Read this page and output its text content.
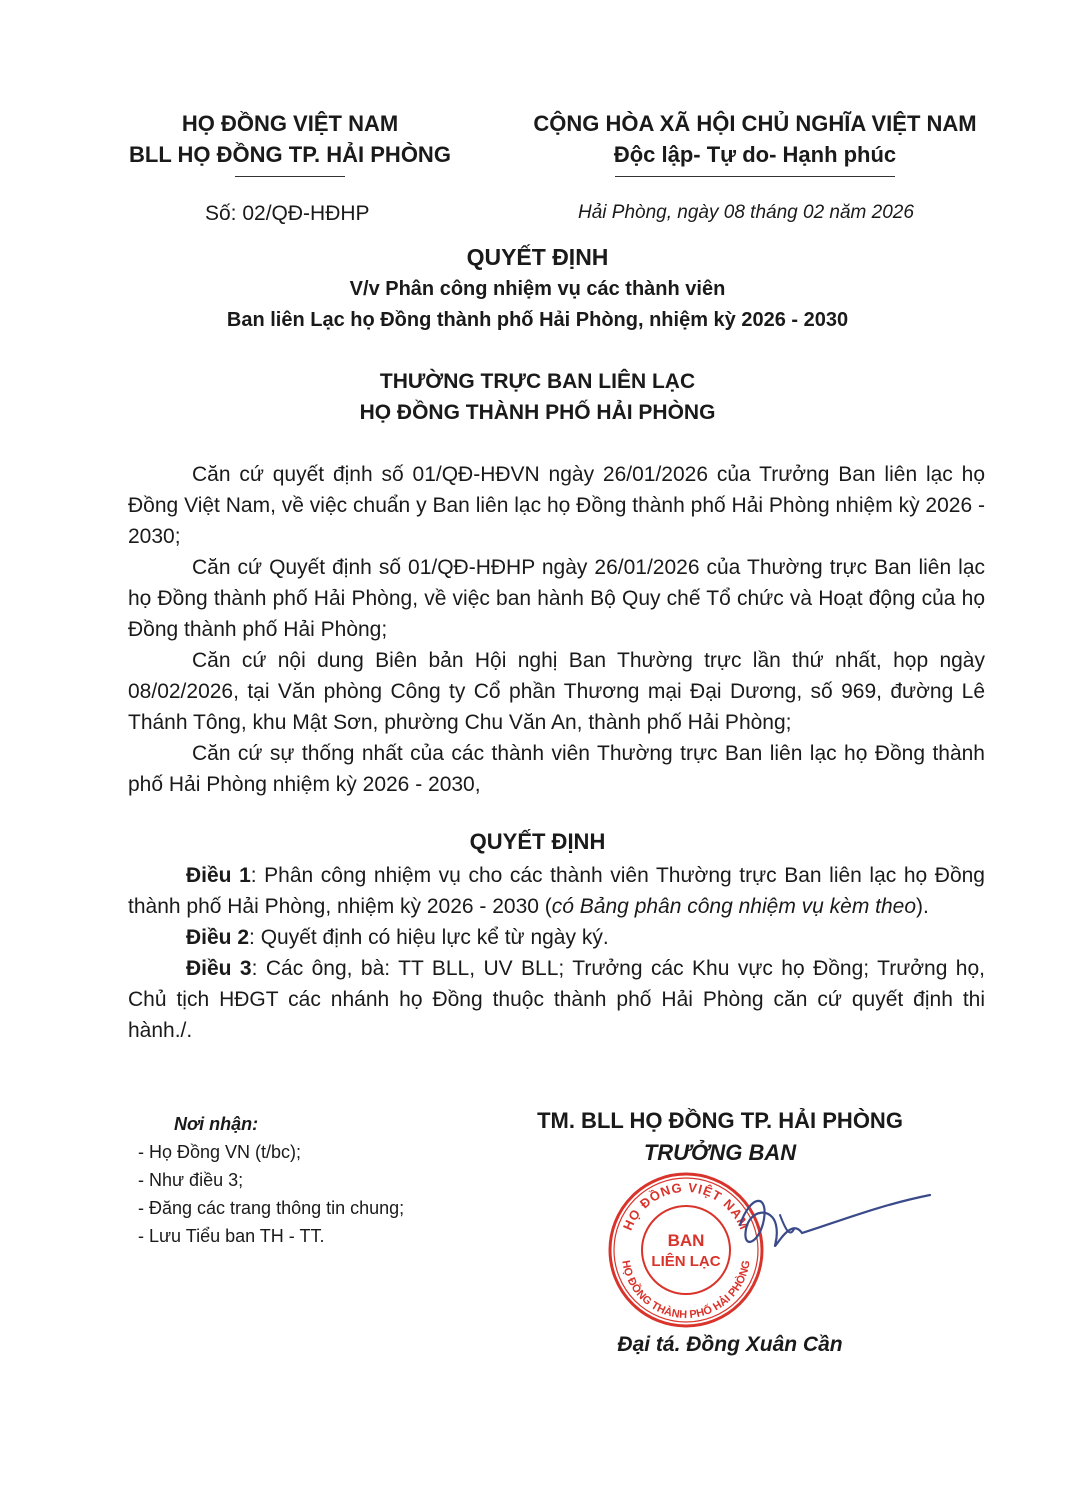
HỌ ĐỒNG VIỆT NAM
BLL HỌ ĐỒNG TP. HẢI PHÒNG
CỘNG HÒA XÃ HỘI CHỦ NGHĨA VIỆT NAM
Độc lập- Tự do- Hạnh phúc
Số: 02/QĐ-HĐHP	Hải Phòng, ngày 08 tháng 02 năm 2026
QUYẾT ĐỊNH
V/v Phân công nhiệm vụ các thành viên
Ban liên Lạc họ Đồng thành phố Hải Phòng, nhiệm kỳ 2026 - 2030
THƯỜNG TRỰC BAN LIÊN LẠC
HỌ ĐỒNG THÀNH PHỐ HẢI PHÒNG

Căn cứ quyết định số 01/QĐ-HĐVN ngày 26/01/2026 của Trưởng Ban liên lạc họ Đồng Việt Nam, về việc chuẩn y Ban liên lạc họ Đồng thành phố Hải Phòng nhiệm kỳ 2026 - 2030;

Căn cứ Quyết định số 01/QĐ-HĐHP ngày 26/01/2026 của Thường trực Ban liên lạc họ Đồng thành phố Hải Phòng, về việc ban hành Bộ Quy chế Tổ chức và Hoạt động của họ Đồng thành phố Hải Phòng;

Căn cứ nội dung Biên bản Hội nghị Ban Thường trực lần thứ nhất, họp ngày 08/02/2026, tại Văn phòng Công ty Cổ phần Thương mại Đại Dương, số 969, đường Lê Thánh Tông, khu Mật Sơn, phường Chu Văn An, thành phố Hải Phòng;

Căn cứ sự thống nhất của các thành viên Thường trực Ban liên lạc họ Đồng thành phố Hải Phòng nhiệm kỳ 2026 - 2030,

QUYẾT ĐỊNH

Điều 1: Phân công nhiệm vụ cho các thành viên Thường trực Ban liên lạc họ Đồng thành phố Hải Phòng, nhiệm kỳ 2026 - 2030 (có Bảng phân công nhiệm vụ kèm theo).

Điều 2: Quyết định có hiệu lực kể từ ngày ký.

Điều 3: Các ông, bà: TT BLL, UV BLL; Trưởng các Khu vực họ Đồng; Trưởng họ, Chủ tịch HĐGT các nhánh họ Đồng thuộc thành phố Hải Phòng căn cứ quyết định thi hành./.

Nơi nhận:
- Họ Đồng VN (t/bc);
- Như điều 3;
- Đăng các trang thông tin chung;
- Lưu Tiểu ban TH - TT.
TM. BLL HỌ ĐỒNG TP. HẢI PHÒNG
TRƯỞNG BAN
HỌ ĐỒNG VIỆT NAM
HỌ ĐỒNG THÀNH PHỐ HẢI PHÒNG
BAN
LIÊN LẠC
Đại tá. Đồng Xuân Cần
